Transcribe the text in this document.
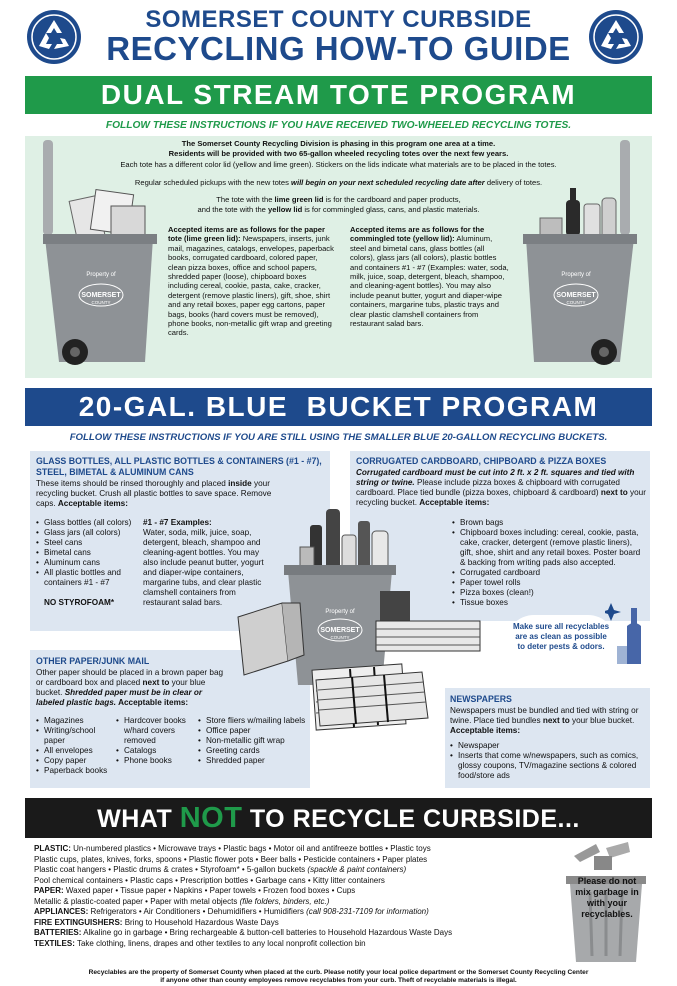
SOMERSET COUNTY CURBSIDE
RECYCLING HOW-TO GUIDE
DUAL STREAM TOTE PROGRAM
FOLLOW THESE INSTRUCTIONS IF YOU HAVE RECEIVED TWO-WHEELED RECYCLING TOTES.
The Somerset County Recycling Division is phasing in this program one area at a time.
Residents will be provided with two 65-gallon wheeled recycling totes over the next few years.
Each tote has a different color lid (yellow and lime green). Stickers on the lids indicate what materials are to be placed in the totes.
Regular scheduled pickups with the new totes will begin on your next scheduled recycling date after delivery of totes.
The tote with the lime green lid is for the cardboard and paper products,
and the tote with the yellow lid is for commingled glass, cans, and plastic materials.
Accepted items are as follows for the paper tote (lime green lid): Newspapers, inserts, junk mail, magazines, catalogs, envelopes, paperback books, corrugated cardboard, colored paper, clean pizza boxes, office and school papers, shredded paper (loose), chipboard boxes including cereal, cookie, pasta, cake, cracker, detergent (remove plastic liners), gift, shoe, shirt and any retail boxes, paper egg cartons, paper bags, books (hard covers must be removed), phone books, non-metallic gift wrap and greeting cards.
Accepted items are as follows for the commingled tote (yellow lid): Aluminum, steel and bimetal cans, glass bottles (all colors), glass jars (all colors), plastic bottles and containers #1 - #7 (Examples: water, soda, milk, juice, soap, detergent, bleach, shampoo, and cleaning-agent bottles). You may also include peanut butter, yogurt and diaper-wipe containers, margarine tubs, plastic trays and clear plastic clamshell containers from restaurant salad bars.
Property of
SOMERSET
COUNTY
Property of
SOMERSET
COUNTY
20-GAL. BLUE  BUCKET PROGRAM
FOLLOW THESE INSTRUCTIONS IF YOU ARE STILL USING THE SMALLER BLUE 20-GALLON RECYCLING BUCKETS.
GLASS BOTTLES, ALL PLASTIC BOTTLES & CONTAINERS (#1 - #7), STEEL, BIMETAL & ALUMINUM CANS
These items should be rinsed thoroughly and placed inside your recycling bucket. Crush all plastic bottles to save space. Remove caps. Acceptable items:
• Glass bottles (all colors)
• Glass jars (all colors)
• Steel cans
• Bimetal cans
• Aluminum cans
• All plastic bottles and containers #1 - #7
NO STYROFOAM*
#1 - #7 Examples:
Water, soda, milk, juice, soap, detergent, bleach, shampoo and cleaning-agent bottles. You may also include peanut butter, yogurt and diaper-wipe containers, margarine tubs, and clear plastic clamshell containers from restaurant salad bars.
CORRUGATED CARDBOARD, CHIPBOARD & PIZZA BOXES
Corrugated cardboard must be cut into 2 ft. x 2 ft. squares and tied with string or twine. Please include pizza boxes & chipboard with corrugated cardboard. Place tied bundle (pizza boxes, chipboard & cardboard) next to your recycling bucket. Acceptable items:
• Brown bags
• Chipboard boxes including: cereal, cookie, pasta, cake, cracker, detergent (remove plastic liners), gift, shoe, shirt and any retail boxes. Poster board & backing from writing pads also accepted.
• Corrugated cardboard
• Paper towel rolls
• Pizza boxes (clean!)
• Tissue boxes
Make sure all recyclables are as clean as possible to deter pests & odors.
Property of
SOMERSET
COUNTY
OTHER PAPER/JUNK MAIL
Other paper should be placed in a brown paper bag or cardboard box and placed next to your blue bucket. Shredded paper must be in clear or labeled plastic bags. Acceptable items:
• Magazines
• Writing/school paper
• All envelopes
• Copy paper
• Paperback books
• Hardcover books w/hard covers removed
• Catalogs
• Phone books
• Store fliers w/mailing labels
• Office paper
• Non-metallic gift wrap
• Greeting cards
• Shredded paper
NEWSPAPERS
Newspapers must be bundled and tied with string or twine. Place tied bundles next to your blue bucket. Acceptable items:
• Newspaper
• Inserts that come w/newspapers, such as comics, glossy coupons, TV/magazine sections & colored food/store ads
WHAT NOT TO RECYCLE CURBSIDE...
PLASTIC: Un-numbered plastics • Microwave trays • Plastic bags • Motor oil and antifreeze bottles • Plastic toys
Plastic cups, plates, knives, forks, spoons • Plastic flower pots • Beer balls • Pesticide containers • Paper plates
Plastic coat hangers • Plastic drums & crates • Styrofoam* • 5-gallon buckets (spackle & paint containers)
Pool chemical containers • Plastic caps • Prescription bottles • Garbage cans • Kitty litter containers
PAPER: Waxed paper • Tissue paper • Napkins • Paper towels • Frozen food boxes • Cups
Metallic & plastic-coated paper • Paper with metal objects (file folders, binders, etc.)
APPLIANCES: Refrigerators • Air Conditioners • Dehumidifiers • Humidifiers (call 908-231-7109 for information)
FIRE EXTINGUISHERS: Bring to Household Hazardous Waste Days
BATTERIES: Alkaline go in garbage • Bring rechargeable & button-cell batteries to Household Hazardous Waste Days
TEXTILES: Take clothing, linens, drapes and other textiles to any local nonprofit collection bin
Please do not mix garbage in with your recyclables.
Recyclables are the property of Somerset County when placed at the curb. Please notify your local police department or the Somerset County Recycling Center
if anyone other than county employees remove recyclables from your curb. Theft of recyclable materials is illegal.
